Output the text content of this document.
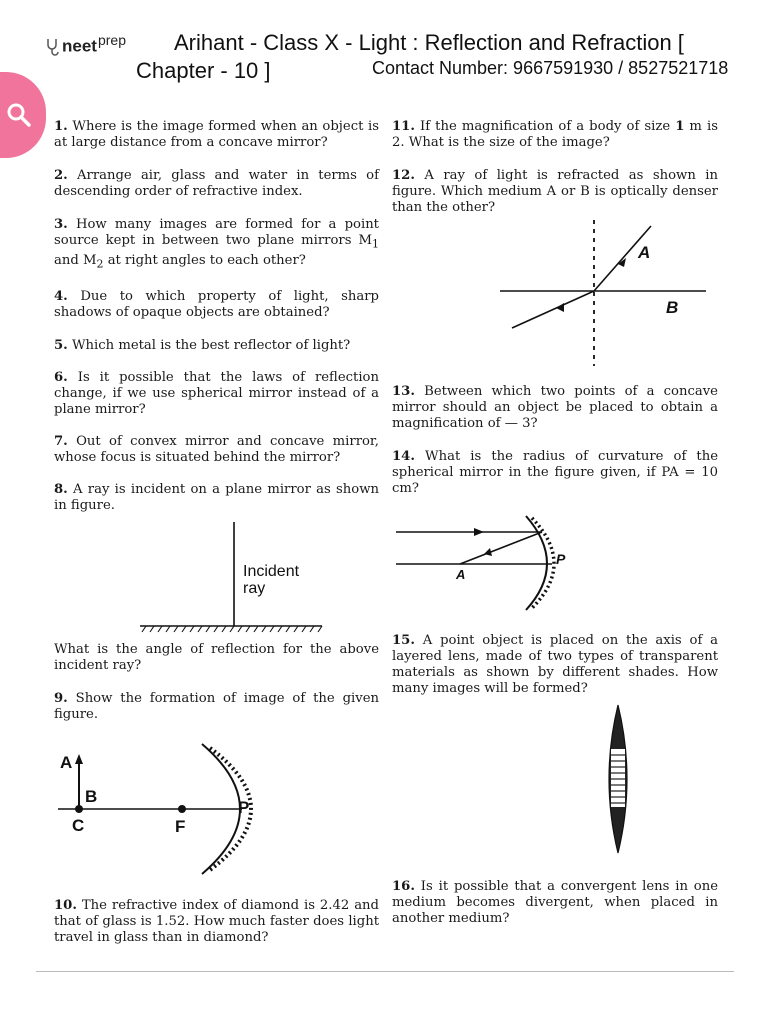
neet$^{prep}$ Arihant - Class X - Light : Reflection and Refraction [
Chapter - 10 ]	Contact Number: 9667591930 / 8527521718

1. Where is the image formed when an object is at large distance from a concave mirror?

2. Arrange air, glass and water in terms of descending order of refractive index.

3. How many images are formed for a point source kept in between two plane mirrors $M_1$ and $M_2$ at right angles to each other?

4. Due to which property of light, sharp shadows of opaque objects are obtained?

5. Which metal is the best reflector of light?

6. Is it possible that the laws of reflection change, if we use spherical mirror instead of a plane mirror?

7. Out of convex mirror and concave mirror, whose focus is situated behind the mirror?

8. A ray is incident on a plane mirror as shown in figure.

Incident
ray

What is the angle of reflection for the above incident ray?

9. Show the formation of image of the given figure.

A
B
C	F
P

10. The refractive index of diamond is 2.42 and that of glass is 1.52. How much faster does light travel in glass than in diamond?

11. If the magnification of a body of size 1 m is 2. What is the size of the image?

12. A ray of light is refracted as shown in figure. Which medium A or B is optically denser than the other?

A
B

13. Between which two points of a concave mirror should an object be placed to obtain a magnification of — 3?

14. What is the radius of curvature of the spherical mirror in the figure given, if PA = 10 cm?

P
A

15. A point object is placed on the axis of a layered lens, made of two types of transparent materials as shown by different shades. How many images will be formed?

16. Is it possible that a convergent lens in one medium becomes divergent, when placed in another medium?
